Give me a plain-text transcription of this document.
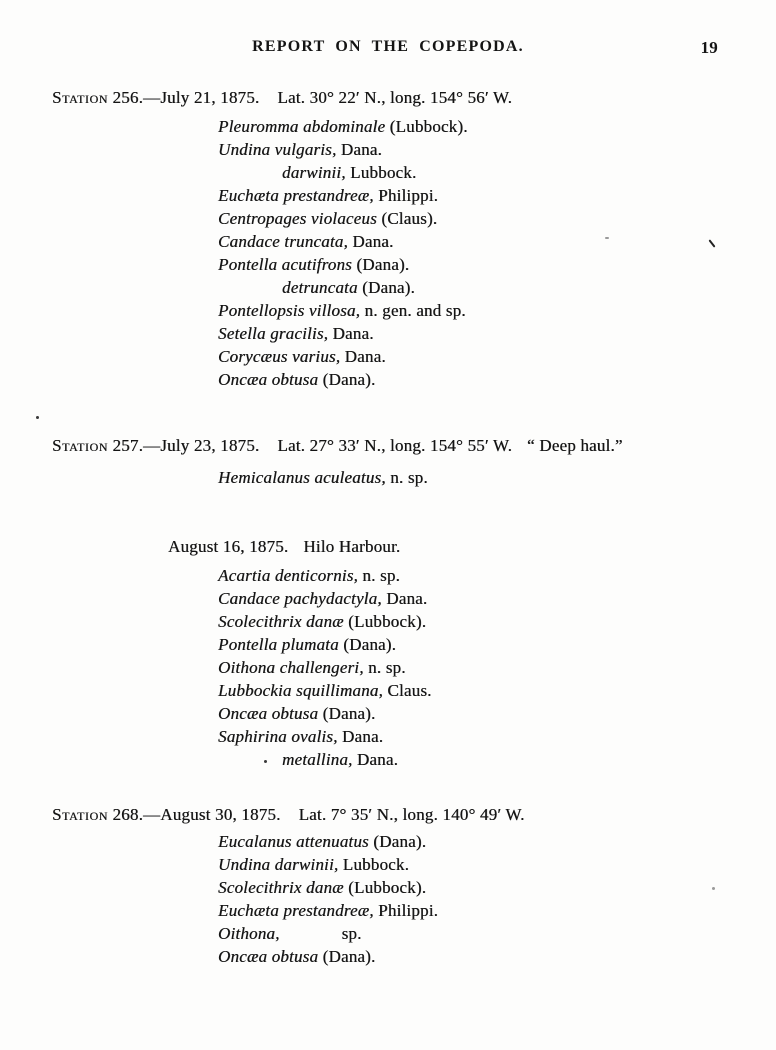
REPORT ON THE COPEPODA.	19
Station 256.—July 21, 1875. Lat. 30° 22′ N., long. 154° 56′ W.
Pleuromma abdominale (Lubbock).
Undina vulgaris, Dana.
darwinii, Lubbock.
Euchæta prestandreæ, Philippi.
Centropages violaceus (Claus).
Candace truncata, Dana.
Pontella acutifrons (Dana).
detruncata (Dana).
Pontellopsis villosa, n. gen. and sp.
Setella gracilis, Dana.
Corycæus varius, Dana.
Oncæa obtusa (Dana).
Station 257.—July 23, 1875. Lat. 27° 33′ N., long. 154° 55′ W. “ Deep haul.”
Hemicalanus aculeatus, n. sp.
August 16, 1875. Hilo Harbour.
Acartia denticornis, n. sp.
Candace pachydactyla, Dana.
Scolecithrix danæ (Lubbock).
Pontella plumata (Dana).
Oithona challengeri, n. sp.
Lubbockia squillimana, Claus.
Oncæa obtusa (Dana).
Saphirina ovalis, Dana.
metallina, Dana.
Station 268.—August 30, 1875. Lat. 7° 35′ N., long. 140° 49′ W.
Eucalanus attenuatus (Dana).
Undina darwinii, Lubbock.
Scolecithrix danæ (Lubbock).
Euchæta prestandreæ, Philippi.
Oithona,	sp.
Oncæa obtusa (Dana).
